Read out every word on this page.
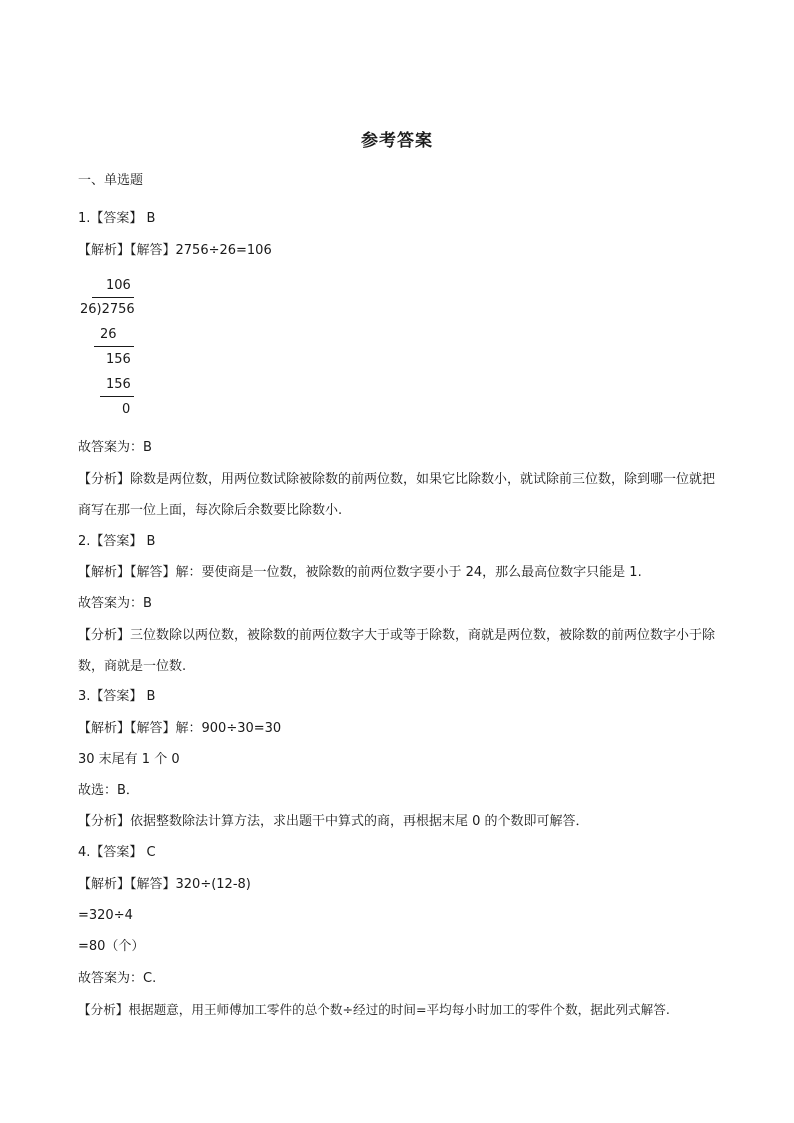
参考答案
一、单选题
1.【答案】 B
【解析】【解答】2756÷26=106
106
26)2756
26
156
156
0
故答案为：B
【分析】除数是两位数，用两位数试除被除数的前两位数，如果它比除数小，就试除前三位数，除到哪一位就把商写在那一位上面，每次除后余数要比除数小.
2.【答案】 B
【解析】【解答】解：要使商是一位数，被除数的前两位数字要小于 24，那么最高位数字只能是 1.
故答案为：B
【分析】三位数除以两位数，被除数的前两位数字大于或等于除数，商就是两位数，被除数的前两位数字小于除数，商就是一位数.
3.【答案】 B
【解析】【解答】解：900÷30=30
30 末尾有 1 个 0
故选：B．
【分析】依据整数除法计算方法，求出题干中算式的商，再根据末尾 0 的个数即可解答．
4.【答案】 C
【解析】【解答】320÷(12-8)
=320÷4
=80（个）
故答案为：C.
【分析】根据题意，用王师傅加工零件的总个数÷经过的时间=平均每小时加工的零件个数，据此列式解答.
